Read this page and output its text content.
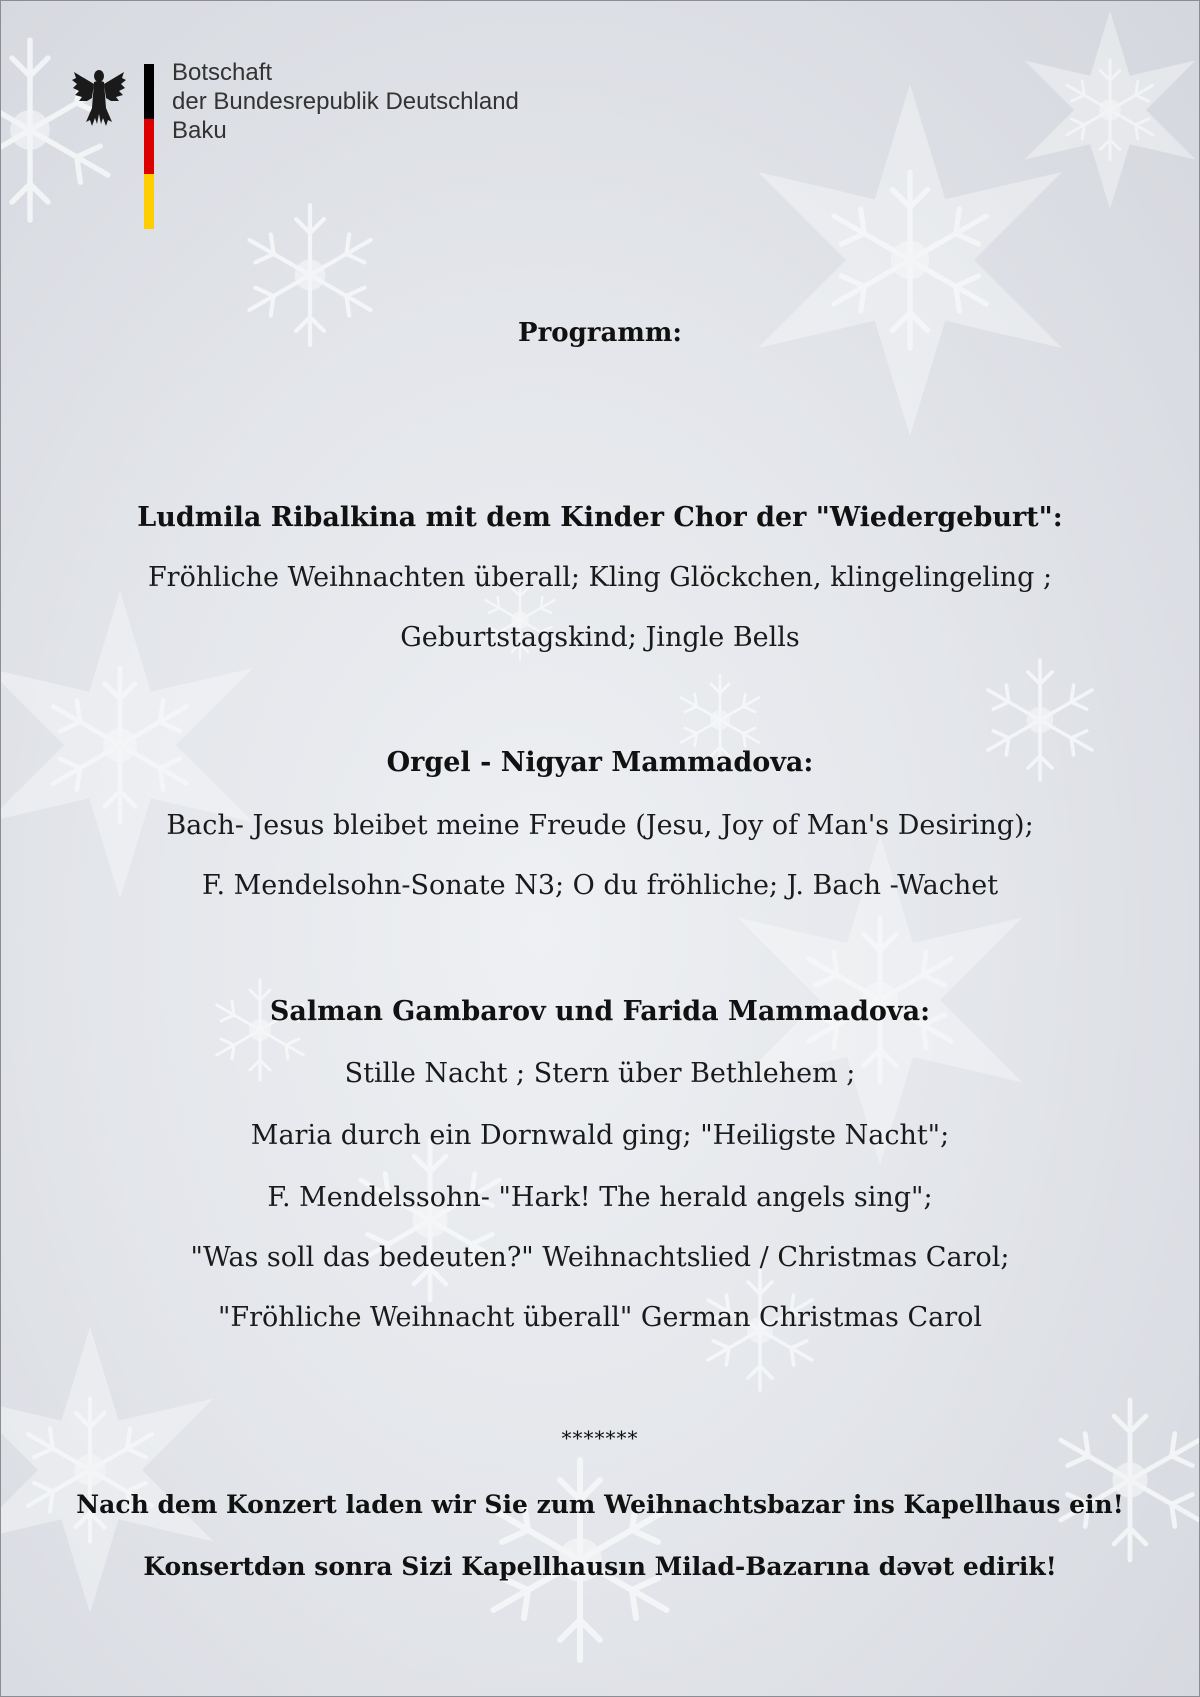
Botschaft
der Bundesrepublik Deutschland
Baku
Programm:
Ludmila Ribalkina mit dem Kinder Chor der "Wiedergeburt":
Fröhliche Weihnachten überall; Kling Glöckchen, klingelingeling ;
Geburtstagskind; Jingle Bells
Orgel - Nigyar Mammadova:
Bach- Jesus bleibet meine Freude (Jesu, Joy of Man's Desiring);
F. Mendelsohn-Sonate N3; O du fröhliche; J. Bach -Wachet
Salman Gambarov und Farida Mammadova:
Stille Nacht ; Stern über Bethlehem ;
Maria durch ein Dornwald ging; "Heiligste Nacht";
F. Mendelssohn- "Hark! The herald angels sing";
"Was soll das bedeuten?" Weihnachtslied / Christmas Carol;
"Fröhliche Weihnacht überall" German Christmas Carol
*******
Nach dem Konzert laden wir Sie zum Weihnachtsbazar ins Kapellhaus ein!
Konsertdən sonra Sizi Kapellhausın Milad-Bazarına dəvət edirik!
